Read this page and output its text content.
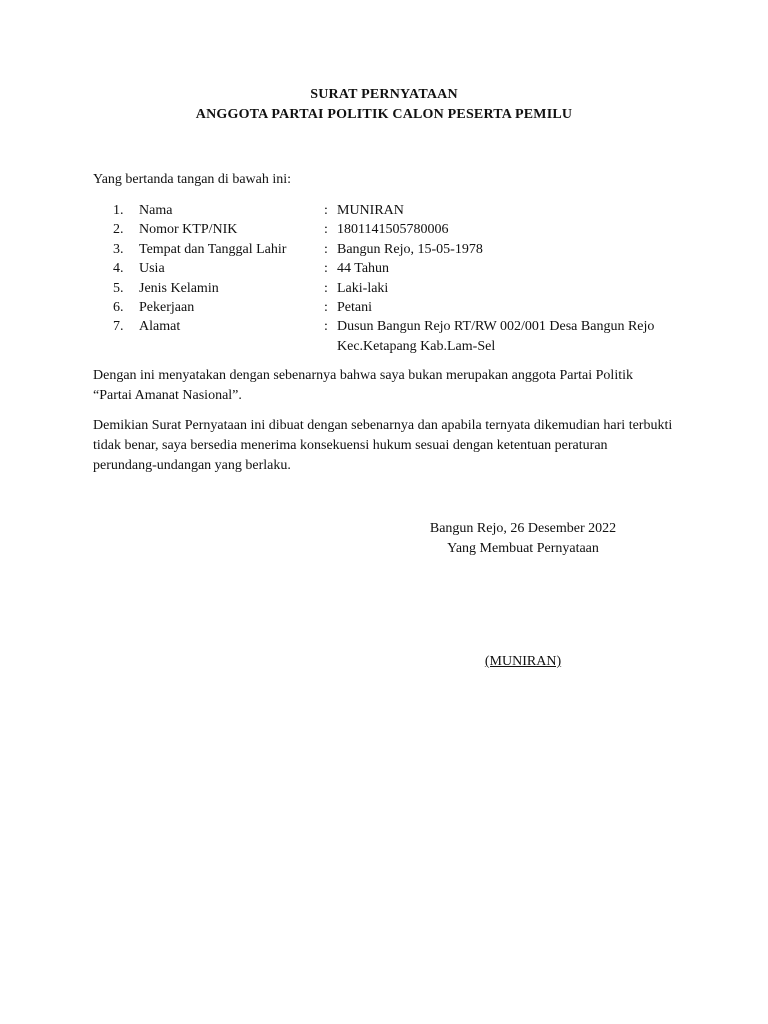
SURAT PERNYATAAN
ANGGOTA PARTAI POLITIK CALON PESERTA PEMILU
Yang bertanda tangan di bawah ini:
1. Nama	: MUNIRAN
2. Nomor KTP/NIK	: 1801141505780006
3. Tempat dan Tanggal Lahir	: Bangun Rejo, 15-05-1978
4. Usia	: 44 Tahun
5. Jenis Kelamin	: Laki-laki
6. Pekerjaan	: Petani
7. Alamat	: Dusun Bangun Rejo RT/RW 002/001 Desa Bangun Rejo Kec.Ketapang Kab.Lam-Sel
Dengan ini menyatakan dengan sebenarnya bahwa saya bukan merupakan anggota Partai Politik “Partai Amanat Nasional”.
Demikian Surat Pernyataan ini dibuat dengan sebenarnya dan apabila ternyata dikemudian hari terbukti tidak benar, saya bersedia menerima konsekuensi hukum sesuai dengan ketentuan peraturan perundang-undangan yang berlaku.
Bangun Rejo, 26 Desember 2022
Yang Membuat Pernyataan
(MUNIRAN)
